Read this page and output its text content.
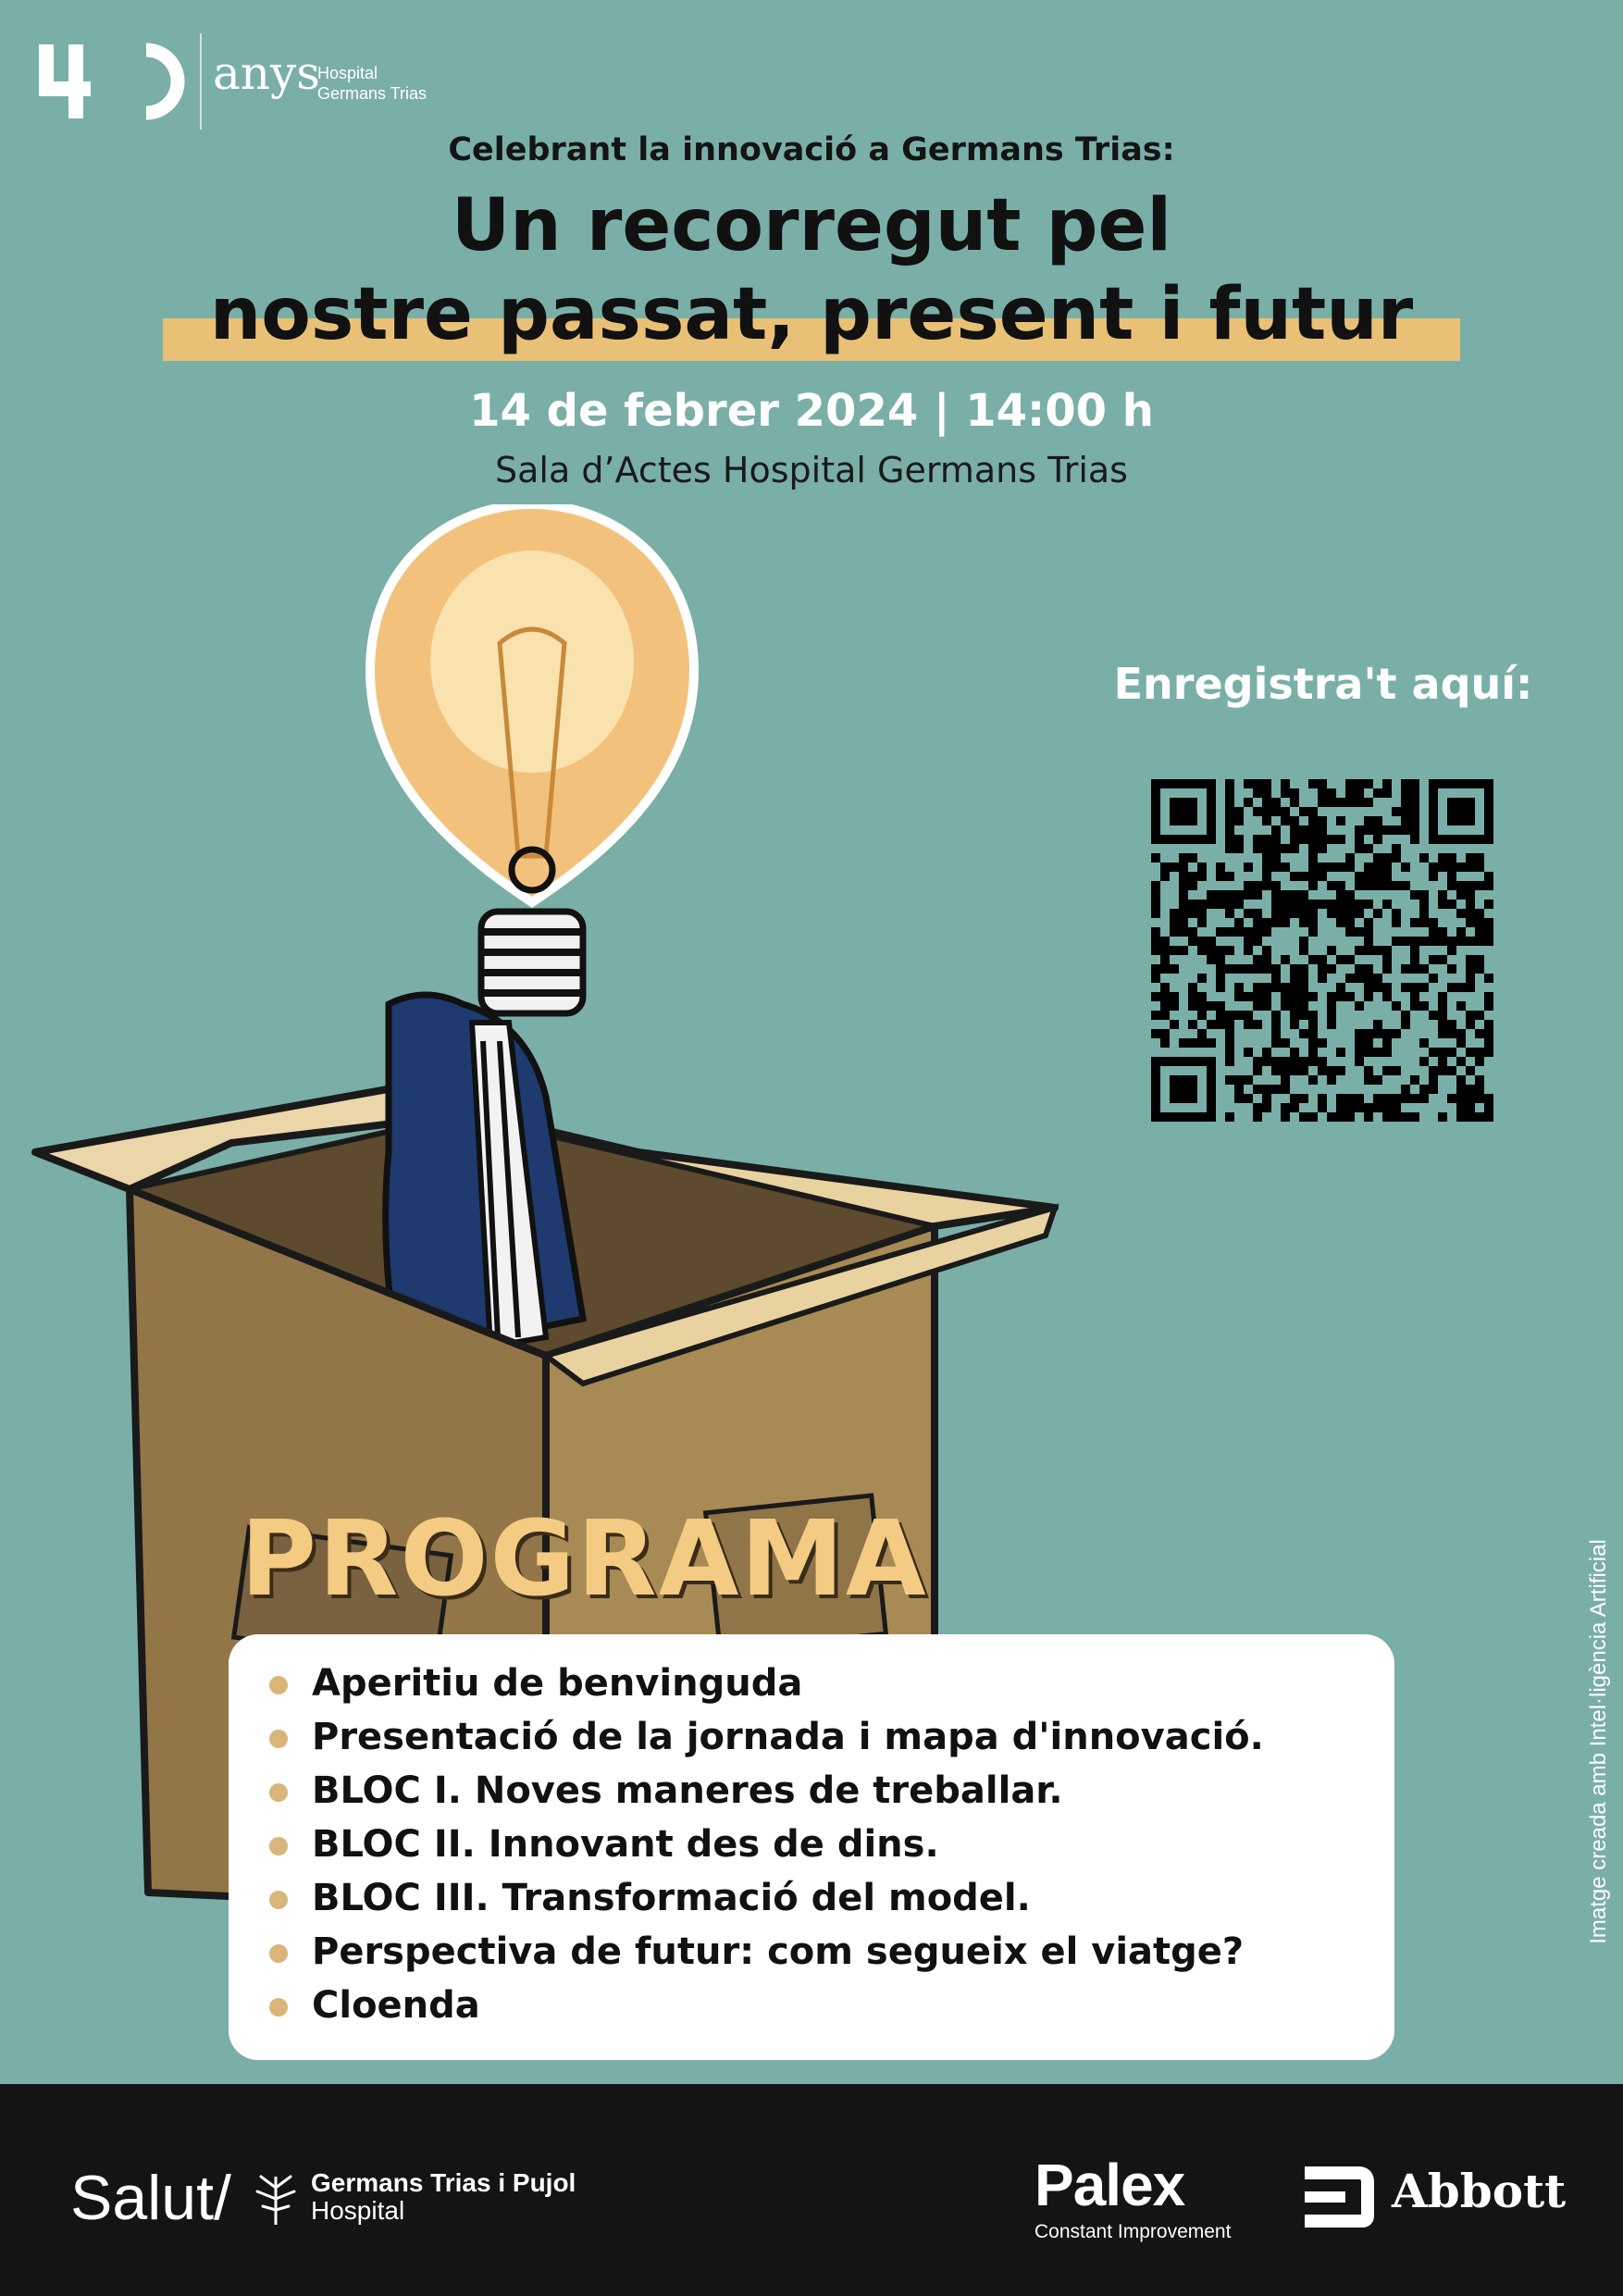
anys
Hospital
Germans Trias
Celebrant la innovació a Germans Trias:
Un recorregut pel
nostre passat, present i futur
14 de febrer 2024 | 14:00 h
Sala d’Actes Hospital Germans Trias
Enregistra't aquí:
PROGRAMA
Aperitiu de benvinguda
Presentació de la jornada i mapa d'innovació.
BLOC I. Noves maneres de treballar.
BLOC II. Innovant des de dins.
BLOC III. Transformació del model.
Perspectiva de futur: com segueix el viatge?
Cloenda
Imatge creada amb Intel·ligència Artificial
Salut/	Germans Trias i Pujol
Hospital	Palex
Constant Improvement
Abbott
